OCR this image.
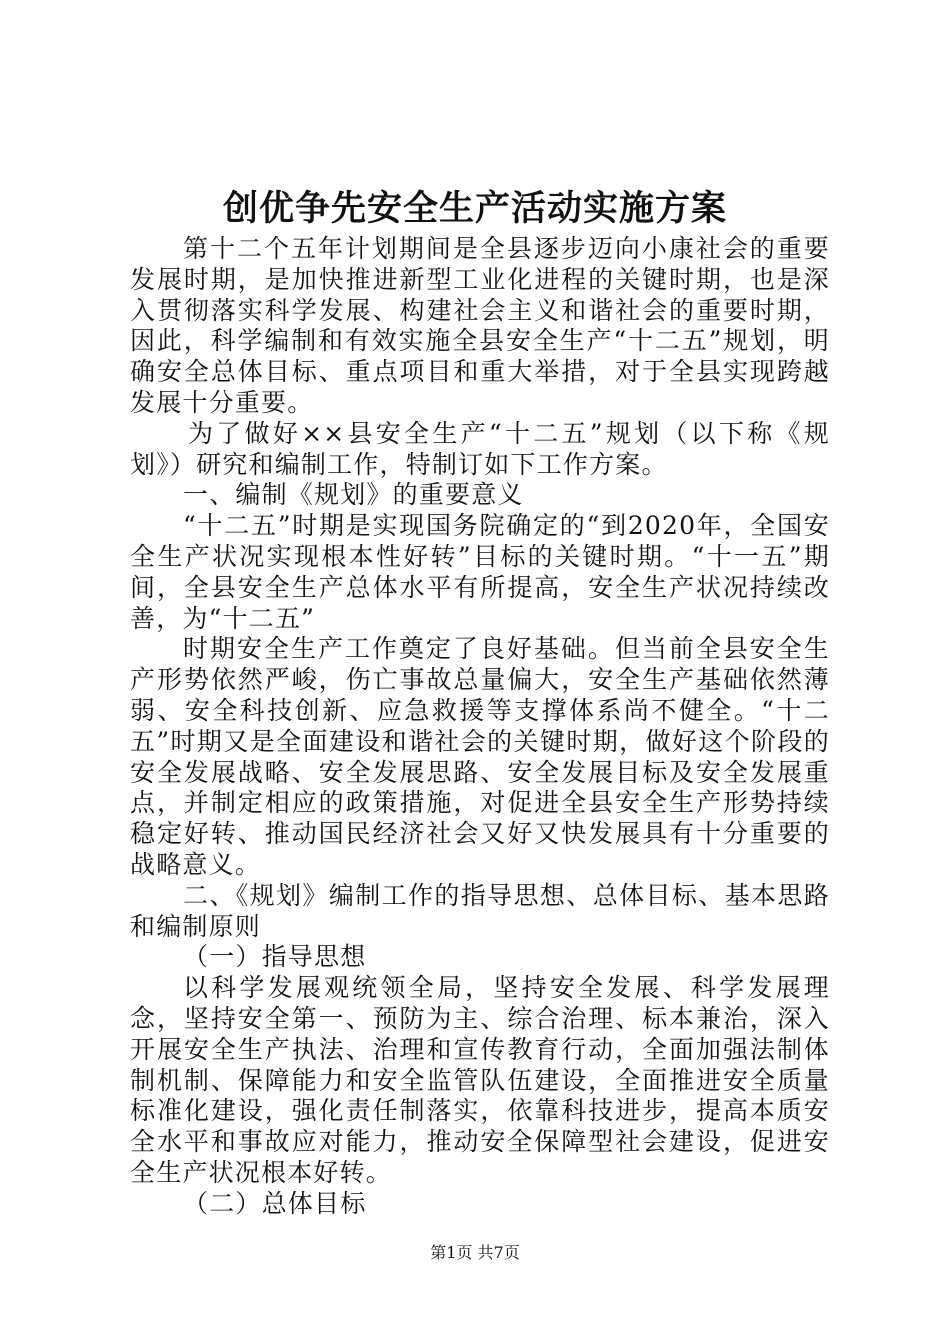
创优争先安全生产活动实施方案

第十二个五年计划期间是全县逐步迈向小康社会的重要发展时期，是加快推进新型工业化进程的关键时期，也是深入贯彻落实科学发展、构建社会主义和谐社会的重要时期，因此，科学编制和有效实施全县安全生产“十二五”规划，明确安全总体目标、重点项目和重大举措，对于全县实现跨越发展十分重要。

为了做好××县安全生产“十二五”规划（以下称《规划》）研究和编制工作，特制订如下工作方案。

一、编制《规划》的重要意义

“十二五”时期是实现国务院确定的“到2020年，全国安全生产状况实现根本性好转”目标的关键时期。“十一五”期间，全县安全生产总体水平有所提高，安全生产状况持续改善，为“十二五”

时期安全生产工作奠定了良好基础。但当前全县安全生产形势依然严峻，伤亡事故总量偏大，安全生产基础依然薄弱、安全科技创新、应急救援等支撑体系尚不健全。“十二五”时期又是全面建设和谐社会的关键时期，做好这个阶段的安全发展战略、安全发展思路、安全发展目标及安全发展重点，并制定相应的政策措施，对促进全县安全生产形势持续稳定好转、推动国民经济社会又好又快发展具有十分重要的战略意义。

二、《规划》编制工作的指导思想、总体目标、基本思路和编制原则

（一）指导思想

以科学发展观统领全局，坚持安全发展、科学发展理念，坚持安全第一、预防为主、综合治理、标本兼治，深入开展安全生产执法、治理和宣传教育行动，全面加强法制体制机制、保障能力和安全监管队伍建设，全面推进安全质量标准化建设，强化责任制落实，依靠科技进步，提高本质安全水平和事故应对能力，推动安全保障型社会建设，促进安全生产状况根本好转。

（二）总体目标

第1页 共7页
